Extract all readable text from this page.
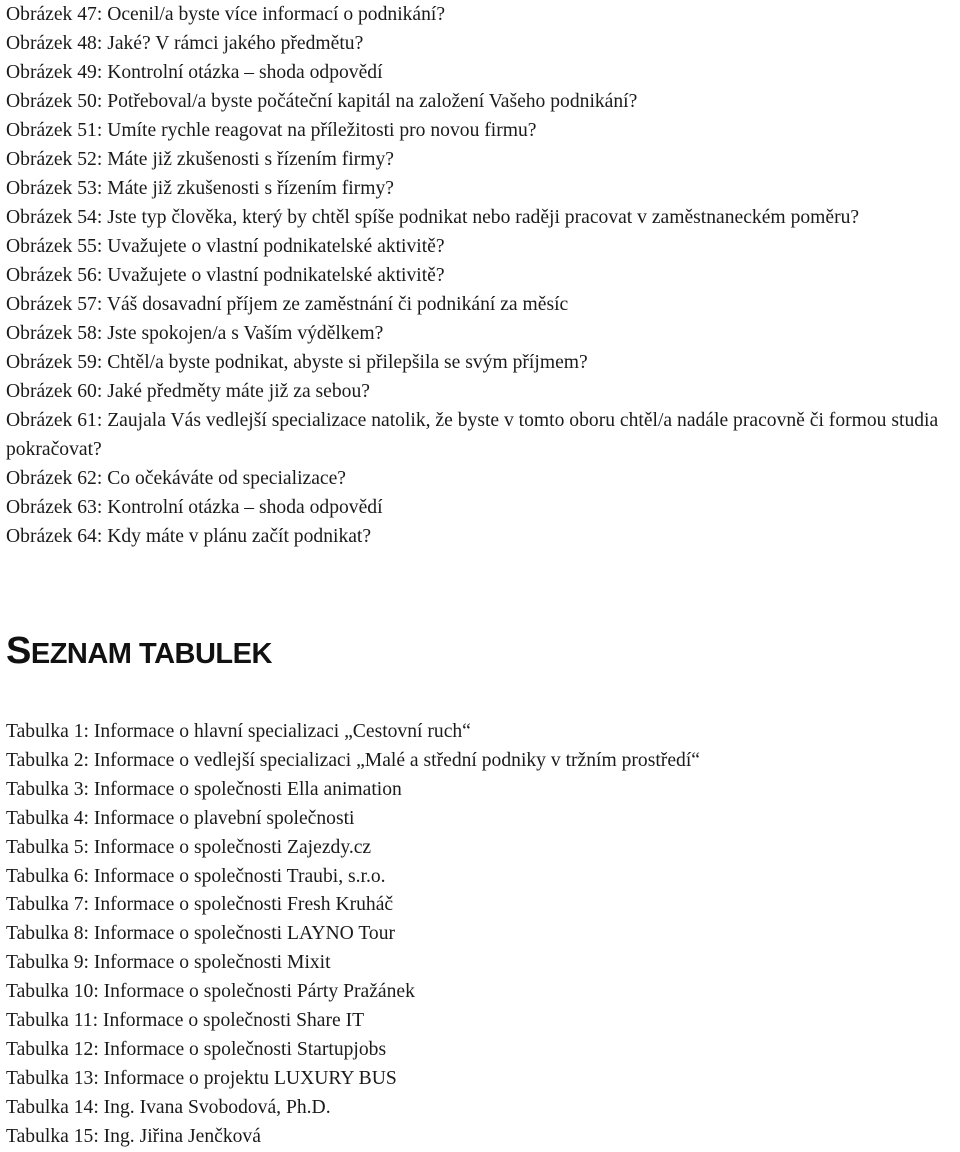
Obrázek 47: Ocenil/a byste více informací o podnikání?
Obrázek 48: Jaké? V rámci jakého předmětu?
Obrázek 49: Kontrolní otázka – shoda odpovědí
Obrázek 50: Potřeboval/a byste počáteční kapitál na založení Vašeho podnikání?
Obrázek 51: Umíte rychle reagovat na příležitosti pro novou firmu?
Obrázek 52: Máte již zkušenosti s řízením firmy?
Obrázek 53: Máte již zkušenosti s řízením firmy?
Obrázek 54: Jste typ člověka, který by chtěl spíše podnikat nebo raději pracovat v zaměstnaneckém poměru?
Obrázek 55: Uvažujete o vlastní podnikatelské aktivitě?
Obrázek 56: Uvažujete o vlastní podnikatelské aktivitě?
Obrázek 57: Váš dosavadní příjem ze zaměstnání či podnikání za měsíc
Obrázek 58: Jste spokojen/a s Vaším výdělkem?
Obrázek 59: Chtěl/a byste podnikat, abyste si přilepšila se svým příjmem?
Obrázek 60: Jaké předměty máte již za sebou?
Obrázek 61: Zaujala Vás vedlejší specializace natolik, že byste v tomto oboru chtěl/a nadále pracovně či formou studia pokračovat?
Obrázek 62: Co očekáváte od specializace?
Obrázek 63: Kontrolní otázka – shoda odpovědí
Obrázek 64: Kdy máte v plánu začít podnikat?
SEZNAM TABULEK
Tabulka 1: Informace o hlavní specializaci „Cestovní ruch“
Tabulka 2: Informace o vedlejší specializaci „Malé a střední podniky v tržním prostředí“
Tabulka 3: Informace o společnosti Ella animation
Tabulka 4: Informace o plavební společnosti
Tabulka 5: Informace o společnosti Zajezdy.cz
Tabulka 6: Informace o společnosti Traubi, s.r.o.
Tabulka 7: Informace o společnosti Fresh Kruháč
Tabulka 8: Informace o společnosti LAYNO Tour
Tabulka 9: Informace o společnosti Mixit
Tabulka 10: Informace o společnosti Párty Pražánek
Tabulka 11: Informace o společnosti Share IT
Tabulka 12: Informace o společnosti Startupjobs
Tabulka 13: Informace o projektu LUXURY BUS
Tabulka 14: Ing. Ivana Svobodová, Ph.D.
Tabulka 15: Ing. Jiřina Jenčková
